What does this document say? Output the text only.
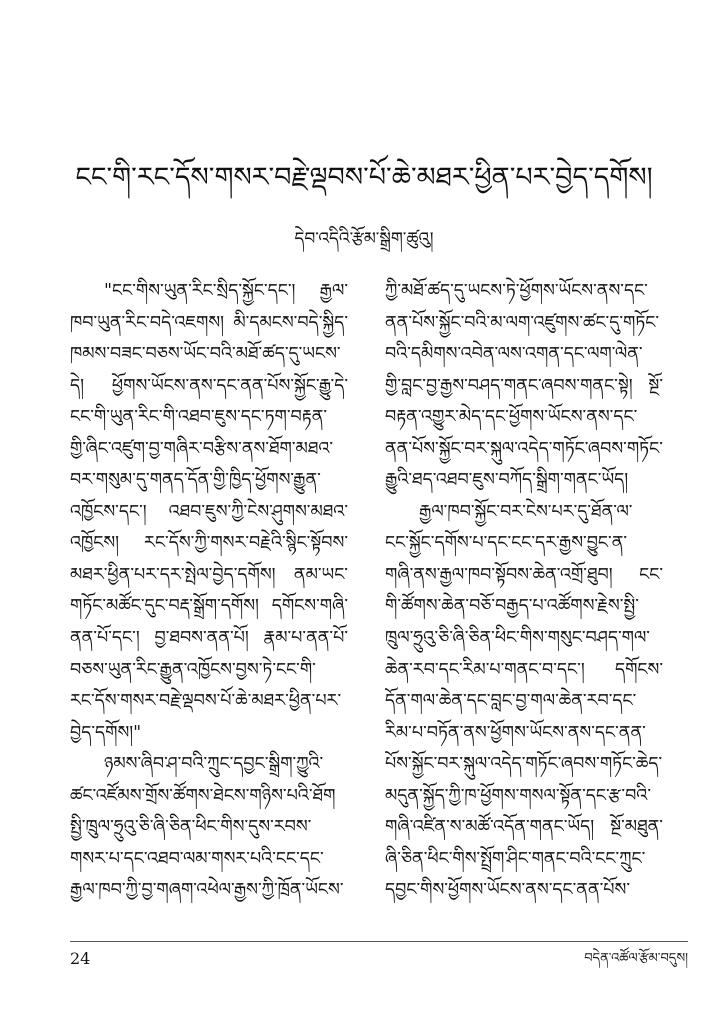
ངང་གི་རང་དོས་གསར་བརྗེ་ལྡབས་པོ་ཆེ་མཐར་ཕྱིན་པར་བྱེད་དགོས།
དེབ་འདིའི་རྩོམ་སྒྲིག་ཚུའུ།
"ངང་གིས་ཡུན་རིང་སྲིད་སྐྱོང་དང་། རྒྱལ་
ཁབ་ཡུན་རིང་བདེ་འཇགས། མི་དམངས་བདེ་སྐྱིད་
ཁམས་བཟང་བཅས་ཡོང་བའི་མཐོ་ཚད་དུ་ཡངས་
དེ། ཕྱོགས་ཡོངས་ནས་དང་ནན་པོས་སྐྱོང་རྒྱུ་དེ་
ངང་གི་ཡུན་རིང་གི་འཐབ་ཇུས་དང་ཏག་བརྟན་
གྱི་ཞིང་འཛུག་བྱ་གཞིར་བརྩིས་ནས་ཐོག་མཐའ་
བར་གསུམ་དུ་གནད་དོན་གྱི་ཁྱིད་ཕྱོགས་རྒྱུན་
འཁྱོངས་དང་། འཐབ་ཇུས་ཀྱི་ངེས་ཤུགས་མཐའ་
འཁྱོངས། རང་དོས་ཀྱི་གསར་བརྗེའི་སྙིང་སྟོབས་
མཐར་ཕྱིན་པར་དར་སྤེལ་བྱེད་དགོས། ནམ་ཡང་
གཏོང་མཚོང་དུང་བརྡ་སྒྲོག་དགོས། དགོངས་གཞི་
ནན་པོ་དང་། བྱ་ཐབས་ནན་པོ། རྣམ་པ་ནན་པོ་
བཅས་ཡུན་རིང་རྒྱུན་འཁྱོངས་བྱས་ཏེ་ངང་གི་
རང་དོས་གསར་བརྗེ་ལྡབས་པོ་ཆེ་མཐར་ཕྱིན་པར་
བྱེད་དགོས།"
ཉམས་ཞིབ་ཤ་བའི་ཀྲུང་དབྱང་སྒྲིག་ཀྱུའི་
ཚང་འཛོམས་གྲོས་ཚོགས་ཐེངས་གཉིས་པའི་ཐོག
སྤྱི་ཁྲུལ་ཧྲུའུ་ཅི་ཞི་ཅིན་ཕིང་གིས་དུས་རབས་
གསར་པ་དང་འཐབ་ལམ་གསར་པའི་ངང་དང་
རྒྱལ་ཁབ་ཀྱི་བྱ་གཞག་འཕེལ་རྒྱས་ཀྱི་ཁྲོན་ཡོངས་
ཀྱི་མཐོ་ཚད་དུ་ཡངས་ཏེ་ཕྱོགས་ཡོངས་ནས་དང་
ནན་པོས་སྐྱོང་བའི་མ་ལག་འཛུགས་ཚང་དུ་གཏོང་
བའི་དམིགས་འབེན་ལས་འགན་དང་ལག་ལེན་
གྱི་བླང་བྱ་རྒྱས་བཤད་གནང་ཞབས་གནང་སྟེ། སྔོ་
བརྟན་འགྱུར་མེད་དང་ཕྱོགས་ཡོངས་ནས་དང་
ནན་པོས་སྐྱོང་བར་སྐུལ་འདེད་གཏོང་ཞབས་གཏོང་
རྒྱུའི་ཐད་འཐབ་ཇུས་བཀོད་སྒྲིག་གནང་ཡོད།
རྒྱལ་ཁབ་སྐྱོང་བར་ངེས་པར་དུ་ཐོན་ལ་
ངང་སྐྱོང་དགོས་པ་དང་ངང་དར་རྒྱས་བྱུང་ན་
གཞི་ནས་རྒྱལ་ཁབ་སྟོབས་ཆེན་འགྲོ་ཐུབ། ངང་
གི་ཚོགས་ཆེན་བཅོ་བརྒྱད་པ་འཚོགས་རྗེས་སྤྱི་
ཁྲུལ་ཧྲུའུ་ཅི་ཞི་ཅིན་ཕིང་གིས་གསུང་བཤད་གལ་
ཆེན་རབ་དང་རིམ་པ་གནང་བ་དང་། དགོངས་
དོན་གལ་ཆེན་དང་བླང་བྱ་གལ་ཆེན་རབ་དང་
རིམ་པ་བཏོན་ནས་ཕྱོགས་ཡོངས་ནས་དང་ནན་
པོས་སྐྱོང་བར་སྐུལ་འདེད་གཏོང་ཞབས་གཏོང་ཆེད་
མདུན་སྐྱོད་ཀྱི་ཁ་ཕྱོགས་གསལ་སྟོན་དང་རྩ་བའི་
གཞི་འཛིན་ས་མཚོ་འདོན་གནང་ཡོད། སྔོ་མཐུན་
ཞི་ཅིན་ཕིང་གིས་སྤྲོག་ཤིང་གནང་བའི་ངང་ཀྲུང་
དབྱང་གིས་ཕྱོགས་ཡོངས་ནས་དང་ནན་པོས་
24	བདེན་འཚོལ་རྩོམ་བདུས།
